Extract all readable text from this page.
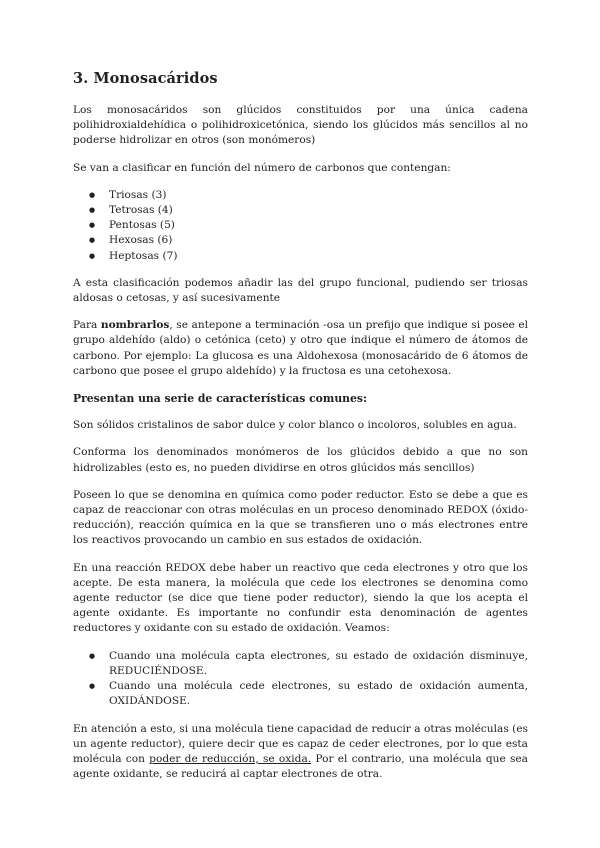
3. Monosacáridos

Los monosacáridos son glúcidos constituidos por una única cadena polihidroxialdehídica o polihidroxicetónica, siendo los glúcidos más sencillos al no poderse hidrolizar en otros (son monómeros)

Se van a clasificar en función del número de carbonos que contengan:

● Triosas (3)
● Tetrosas (4)
● Pentosas (5)
● Hexosas (6)
● Heptosas (7)

A esta clasificación podemos añadir las del grupo funcional, pudiendo ser triosas aldosas o cetosas, y así sucesivamente

Para nombrarlos, se antepone a terminación -osa un prefijo que indique si posee el grupo aldehído (aldo) o cetónica (ceto) y otro que indique el número de átomos de carbono. Por ejemplo: La glucosa es una Aldohexosa (monosacárido de 6 átomos de carbono que posee el grupo aldehído) y la fructosa es una cetohexosa.

Presentan una serie de características comunes:

Son sólidos cristalinos de sabor dulce y color blanco o incoloros, solubles en agua.

Conforma los denominados monómeros de los glúcidos debido a que no son hidrolizables (esto es, no pueden dividirse en otros glúcidos más sencillos)

Poseen lo que se denomina en química como poder reductor. Esto se debe a que es capaz de reaccionar con otras moléculas en un proceso denominado REDOX (óxido-reducción), reacción química en la que se transfieren uno o más electrones entre los reactivos provocando un cambio en sus estados de oxidación.

En una reacción REDOX debe haber un reactivo que ceda electrones y otro que los acepte. De esta manera, la molécula que cede los electrones se denomina como agente reductor (se dice que tiene poder reductor), siendo la que los acepta el agente oxidante. Es importante no confundir esta denominación de agentes reductores y oxidante con su estado de oxidación. Veamos:

● Cuando una molécula capta electrones, su estado de oxidación disminuye, REDUCIÉNDOSE.
● Cuando una molécula cede electrones, su estado de oxidación aumenta, OXIDÁNDOSE.

En atención a esto, si una molécula tiene capacidad de reducir a otras moléculas (es un agente reductor), quiere decir que es capaz de ceder electrones, por lo que esta molécula con poder de reducción, se oxida. Por el contrario, una molécula que sea agente oxidante, se reducirá al captar electrones de otra.
